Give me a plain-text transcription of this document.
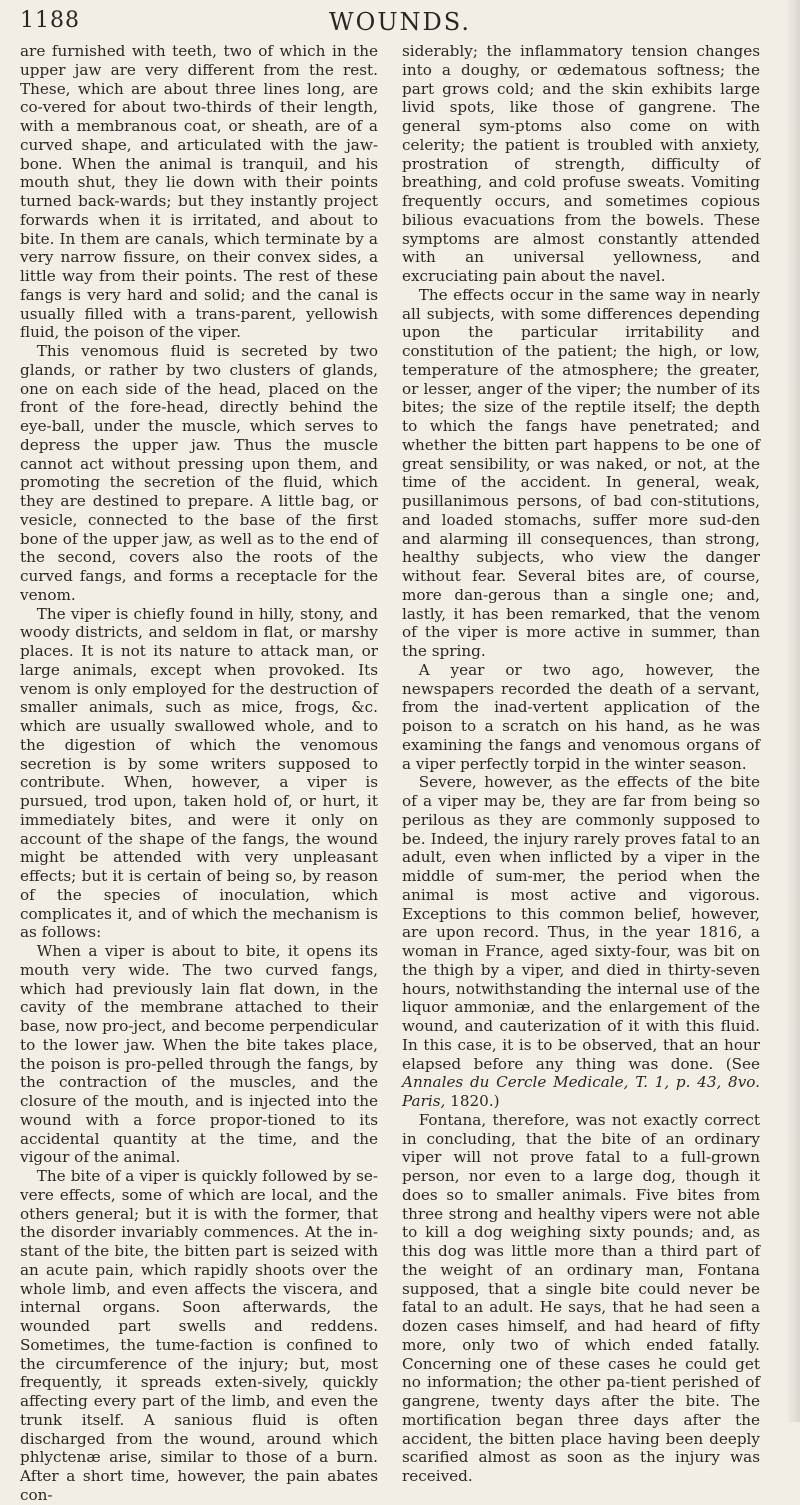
1188	WOUNDS.

are furnished with teeth, two of which in the upper jaw are very different from the rest. These, which are about three lines long, are co-vered for about two-thirds of their length, with a membranous coat, or sheath, are of a curved shape, and articulated with the jaw-bone. When the animal is tranquil, and his mouth shut, they lie down with their points turned back-wards; but they instantly project forwards when it is irritated, and about to bite. In them are canals, which terminate by a very narrow fissure, on their convex sides, a little way from their points. The rest of these fangs is very hard and solid; and the canal is usually filled with a trans-parent, yellowish fluid, the poison of the viper.

This venomous fluid is secreted by two glands, or rather by two clusters of glands, one on each side of the head, placed on the front of the fore-head, directly behind the eye-ball, under the muscle, which serves to depress the upper jaw. Thus the muscle cannot act without pressing upon them, and promoting the secretion of the fluid, which they are destined to prepare. A little bag, or vesicle, connected to the base of the first bone of the upper jaw, as well as to the end of the second, covers also the roots of the curved fangs, and forms a receptacle for the venom.

The viper is chiefly found in hilly, stony, and woody districts, and seldom in flat, or marshy places. It is not its nature to attack man, or large animals, except when provoked. Its venom is only employed for the destruction of smaller animals, such as mice, frogs, &c. which are usually swallowed whole, and to the digestion of which the venomous secretion is by some writers supposed to contribute. When, however, a viper is pursued, trod upon, taken hold of, or hurt, it immediately bites, and were it only on account of the shape of the fangs, the wound might be attended with very unpleasant effects; but it is certain of being so, by reason of the species of inoculation, which complicates it, and of which the mechanism is as follows:

When a viper is about to bite, it opens its mouth very wide. The two curved fangs, which had previously lain flat down, in the cavity of the membrane attached to their base, now pro-ject, and become perpendicular to the lower jaw. When the bite takes place, the poison is pro-pelled through the fangs, by the contraction of the muscles, and the closure of the mouth, and is injected into the wound with a force propor-tioned to its accidental quantity at the time, and the vigour of the animal.

The bite of a viper is quickly followed by se-vere effects, some of which are local, and the others general; but it is with the former, that the disorder invariably commences. At the in-stant of the bite, the bitten part is seized with an acute pain, which rapidly shoots over the whole limb, and even affects the viscera, and internal organs. Soon afterwards, the wounded part swells and reddens. Sometimes, the tume-faction is confined to the circumference of the injury; but, most frequently, it spreads exten-sively, quickly affecting every part of the limb, and even the trunk itself. A sanious fluid is often discharged from the wound, around which phlyctenæ arise, similar to those of a burn. After a short time, however, the pain abates con-

siderably; the inflammatory tension changes into a doughy, or œdematous softness; the part grows cold; and the skin exhibits large livid spots, like those of gangrene. The general sym-ptoms also come on with celerity; the patient is troubled with anxiety, prostration of strength, difficulty of breathing, and cold profuse sweats. Vomiting frequently occurs, and sometimes copious bilious evacuations from the bowels. These symptoms are almost constantly attended with an universal yellowness, and excruciating pain about the navel.

The effects occur in the same way in nearly all subjects, with some differences depending upon the particular irritability and constitution of the patient; the high, or low, temperature of the atmosphere; the greater, or lesser, anger of the viper; the number of its bites; the size of the reptile itself; the depth to which the fangs have penetrated; and whether the bitten part happens to be one of great sensibility, or was naked, or not, at the time of the accident. In general, weak, pusillanimous persons, of bad con-stitutions, and loaded stomachs, suffer more sud-den and alarming ill consequences, than strong, healthy subjects, who view the danger without fear. Several bites are, of course, more dan-gerous than a single one; and, lastly, it has been remarked, that the venom of the viper is more active in summer, than the spring.

A year or two ago, however, the newspapers recorded the death of a servant, from the inad-vertent application of the poison to a scratch on his hand, as he was examining the fangs and venomous organs of a viper perfectly torpid in the winter season.

Severe, however, as the effects of the bite of a viper may be, they are far from being so perilous as they are commonly supposed to be. Indeed, the injury rarely proves fatal to an adult, even when inflicted by a viper in the middle of sum-mer, the period when the animal is most active and vigorous. Exceptions to this common belief, however, are upon record. Thus, in the year 1816, a woman in France, aged sixty-four, was bit on the thigh by a viper, and died in thirty-seven hours, notwithstanding the internal use of the liquor ammoniæ, and the enlargement of the wound, and cauterization of it with this fluid. In this case, it is to be observed, that an hour elapsed before any thing was done. (See Annales du Cercle Medicale, T. 1, p. 43, 8vo. Paris, 1820.)

Fontana, therefore, was not exactly correct in concluding, that the bite of an ordinary viper will not prove fatal to a full-grown person, nor even to a large dog, though it does so to smaller animals. Five bites from three strong and healthy vipers were not able to kill a dog weighing sixty pounds; and, as this dog was little more than a third part of the weight of an ordinary man, Fontana supposed, that a single bite could never be fatal to an adult. He says, that he had seen a dozen cases himself, and had heard of fifty more, only two of which ended fatally. Concerning one of these cases he could get no information; the other pa-tient perished of gangrene, twenty days after the bite. The mortification began three days after the accident, the bitten place having been deeply scarified almost as soon as the injury was received.
